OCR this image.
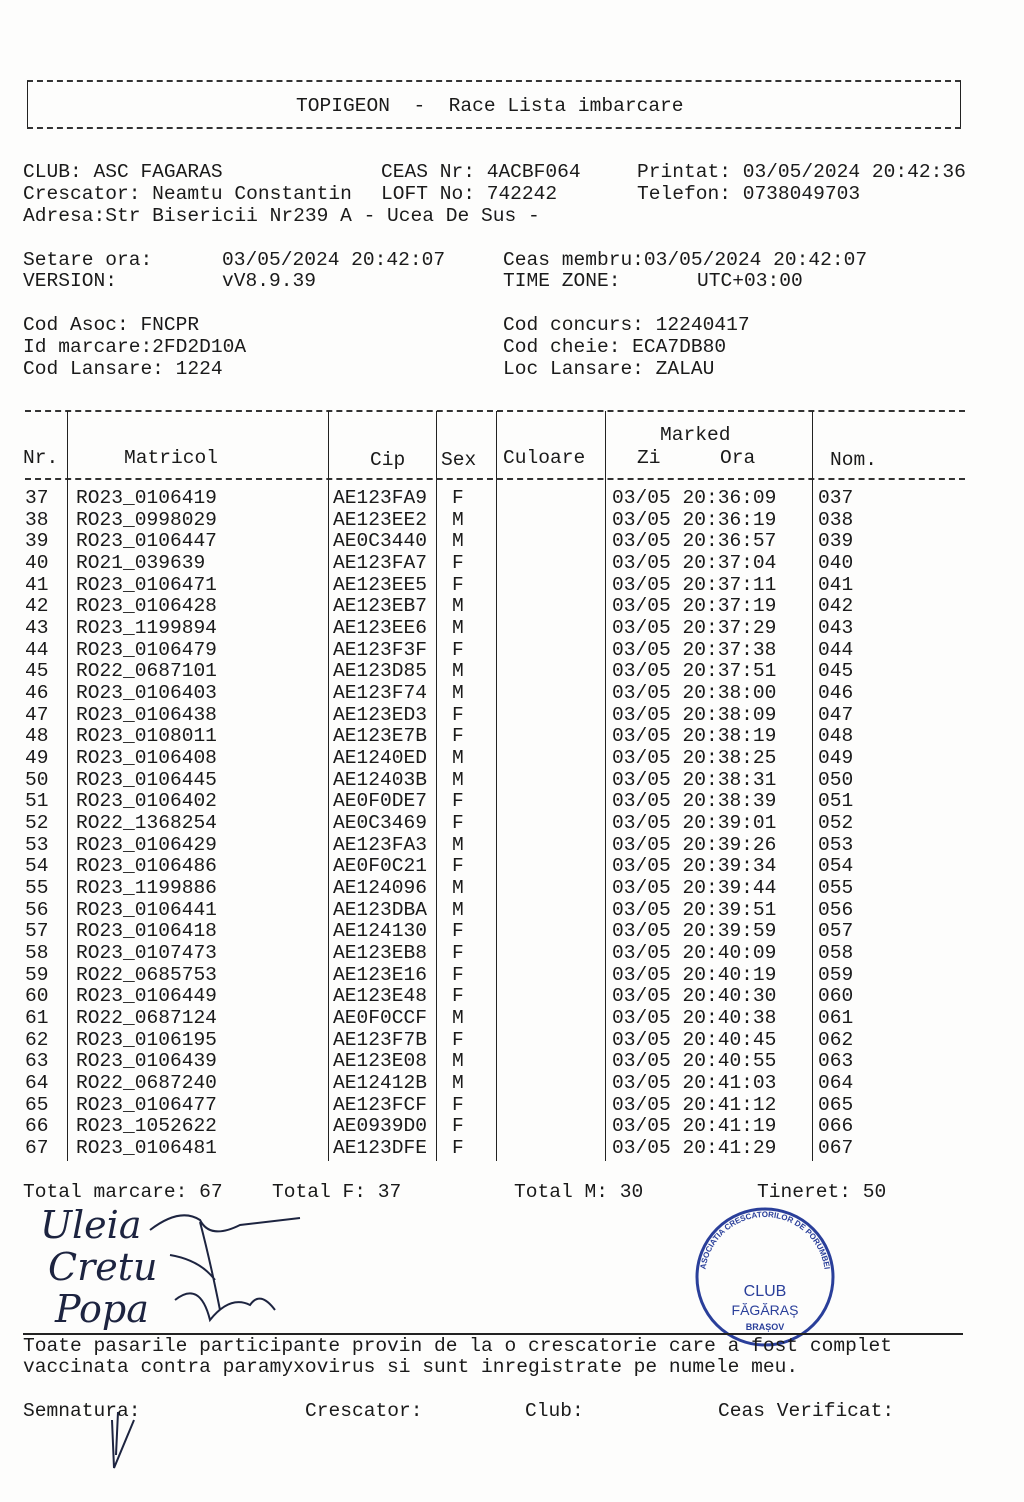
TOPIGEON  -  Race Lista imbarcare
CLUB: ASC FAGARAS	CEAS Nr: 4ACBF064	Printat: 03/05/2024 20:42:36
Crescator: Neamtu Constantin LOFT No: 742242	Telefon: 0738049703
Adresa:Str Bisericii Nr239 A - Ucea De Sus -
Setare ora:	03/05/2024 20:42:07	Ceas membru:03/05/2024 20:42:07
VERSION:	vV8.9.39	TIME ZONE:	UTC+03:00
Cod Asoc: FNCPR
Id marcare:2FD2D10A
Cod Lansare: 1224
Cod concurs: 12240417
Cod cheie: ECA7DB80
Loc Lansare: ZALAU
Nr.	Matricol	Cip Sex Culoare
Marked
Zi	Ora	Nom.
37 RO23_0106419	AE123FA9 F	03/05 20:36:09 037
38 RO23_0998029	AE123EE2 M	03/05 20:36:19 038
39 RO23_0106447	AE0C3440 M	03/05 20:36:57 039
40 RO21_039639	AE123FA7 F	03/05 20:37:04 040
41 RO23_0106471	AE123EE5 F	03/05 20:37:11 041
42 RO23_0106428	AE123EB7 M	03/05 20:37:19 042
43 RO23_1199894	AE123EE6 M	03/05 20:37:29 043
44 RO23_0106479	AE123F3F F	03/05 20:37:38 044
45 RO22_0687101	AE123D85 M	03/05 20:37:51 045
46 RO23_0106403	AE123F74 M	03/05 20:38:00 046
47 RO23_0106438	AE123ED3 F	03/05 20:38:09 047
48 RO23_0108011	AE123E7B F	03/05 20:38:19 048
49 RO23_0106408	AE1240ED M	03/05 20:38:25 049
50 RO23_0106445	AE12403B M	03/05 20:38:31 050
51 RO23_0106402	AE0F0DE7 F	03/05 20:38:39 051
52 RO22_1368254	AE0C3469 F	03/05 20:39:01 052
53 RO23_0106429	AE123FA3 M	03/05 20:39:26 053
54 RO23_0106486	AE0F0C21 F	03/05 20:39:34 054
55 RO23_1199886	AE124096 M	03/05 20:39:44 055
56 RO23_0106441	AE123DBA M	03/05 20:39:51 056
57 RO23_0106418	AE124130 F	03/05 20:39:59 057
58 RO23_0107473	AE123EB8 F	03/05 20:40:09 058
59 RO22_0685753	AE123E16 F	03/05 20:40:19 059
60 RO23_0106449	AE123E48 F	03/05 20:40:30 060
61 RO22_0687124	AE0F0CCF M	03/05 20:40:38 061
62 RO23_0106195	AE123F7B F	03/05 20:40:45 062
63 RO23_0106439	AE123E08 M	03/05 20:40:55 063
64 RO22_0687240	AE12412B M	03/05 20:41:03 064
65 RO23_0106477	AE123FCF F	03/05 20:41:12 065
66 RO23_1052622	AE0939D0 F	03/05 20:41:19 066
67 RO23_0106481	AE123DFE F	03/05 20:41:29 067
Total marcare: 67	Total F: 37	Total M: 30	Tineret: 50
Uleia
Cretu
Popa
ASOCIATIA CRESCATORILOR DE PORUMBEI
CLUB
FĂGĂRAȘ
BRAȘOV
Toate pasarile participante provin de la o crescatorie care a fost complet
vaccinata contra paramyxovirus si sunt inregistrate pe numele meu.
Semnatura:	Crescator:	Club:	Ceas Verificat:
